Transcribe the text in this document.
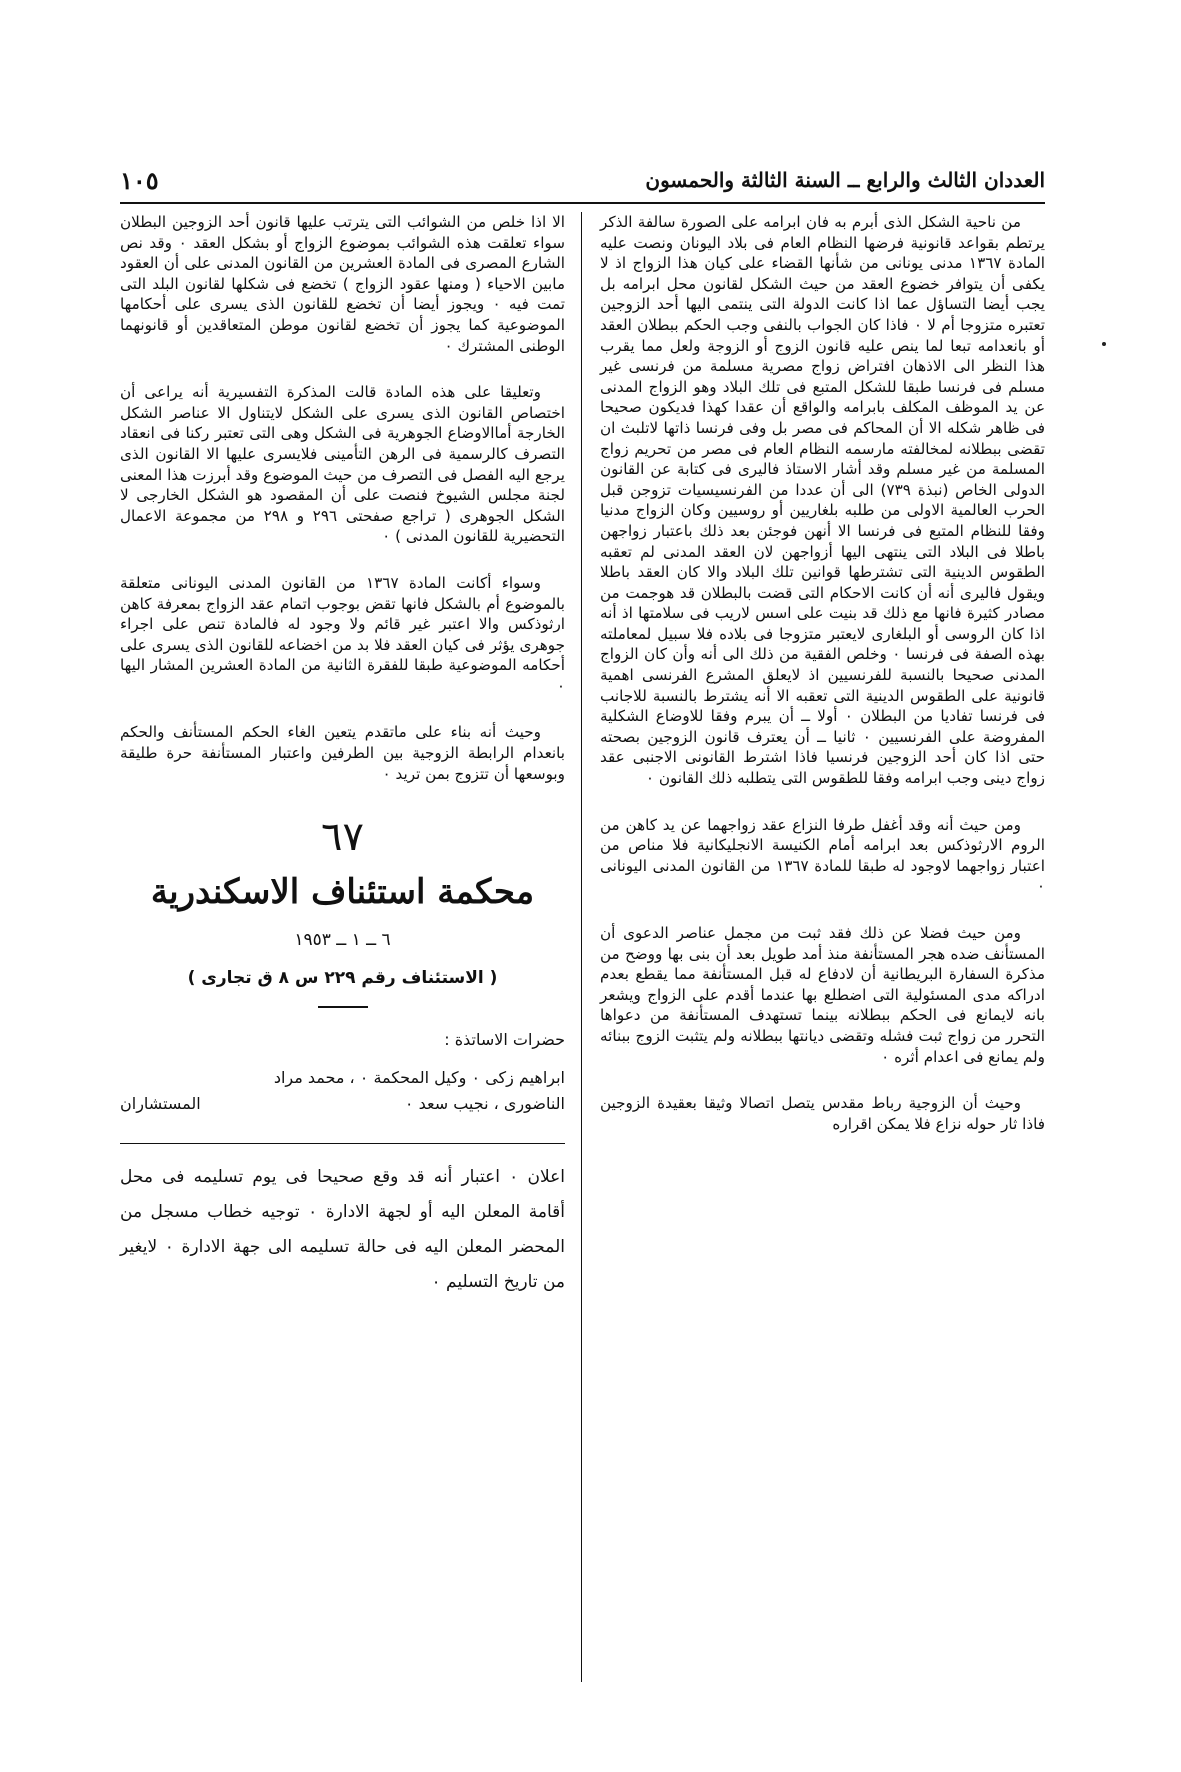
العددان الثالث والرابع ــ السنة الثالثة والحمسون
١٠٥

من ناحية الشكل الذى أبرم به فان ابرامه على الصورة سالفة الذكر يرتطم بقواعد قانونية فرضها النظام العام فى بلاد اليونان ونصت عليه المادة ١٣٦٧ مدنى يونانى من شأنها القضاء على كيان هذا الزواج اذ لا يكفى أن يتوافر خضوع العقد من حيث الشكل لقانون محل ابرامه بل يجب أيضا التساؤل عما اذا كانت الدولة التى ينتمى اليها أحد الزوجين تعتبره متزوجا أم لا ٠ فاذا كان الجواب بالنفى وجب الحكم ببطلان العقد أو بانعدامه تبعا لما ينص عليه قانون الزوج أو الزوجة ولعل مما يقرب هذا النظر الى الاذهان افتراض زواج مصرية مسلمة من فرنسى غير مسلم فى فرنسا طبقا للشكل المتبع فى تلك البلاد وهو الزواج المدنى عن يد الموظف المكلف بابرامه والواقع أن عقدا كهذا فديكون صحيحا فى ظاهر شكله الا أن المحاكم فى مصر بل وفى فرنسا ذاتها لاتلبث ان تقضى ببطلانه لمخالفته مارسمه النظام العام فى مصر من تحريم زواج المسلمة من غير مسلم وقد أشار الاستاذ فاليرى فى كتابة عن القانون الدولى الخاص (نبذة ٧٣٩) الى أن عددا من الفرنسيسيات تزوجن قبل الحرب العالمية الاولى من طلبه بلغاريين أو روسيين وكان الزواج مدنيا وفقا للنظام المتبع فى فرنسا الا أنهن فوجئن بعد ذلك باعتبار زواجهن باطلا فى البلاد التى ينتهى اليها أزواجهن لان العقد المدنى لم تعقبه الطقوس الدينية التى تشترطها قوانين تلك البلاد والا كان العقد باطلا ويقول فاليرى أنه أن كانت الاحكام التى قضت بالبطلان قد هوجمت من مصادر كثيرة فانها مع ذلك قد بنيت على اسس لاريب فى سلامتها اذ أنه اذا كان الروسى أو البلغارى لايعتبر متزوجا فى بلاده فلا سبيل لمعاملته بهذه الصفة فى فرنسا ٠ وخلص الفقية من ذلك الى أنه وأن كان الزواج المدنى صحيحا بالنسبة للفرنسيين اذ لايعلق المشرع الفرنسى اهمية قانونية على الطقوس الدينية التى تعقبه الا أنه يشترط بالنسبة للاجانب فى فرنسا تفاديا من البطلان ٠ أولا ــ أن يبرم وفقا للاوضاع الشكلية المفروضة على الفرنسيين ٠ ثانيا ــ أن يعترف قانون الزوجين بصحته حتى اذا كان أحد الزوجين فرنسيا فاذا اشترط القانونى الاجنبى عقد زواج دينى وجب ابرامه وفقا للطقوس التى يتطلبه ذلك القانون ٠

ومن حيث أنه وقد أغفل طرفا النزاع عقد زواجهما عن يد كاهن من الروم الارثوذكس بعد ابرامه أمام الكنيسة الانجليكانية فلا مناص من اعتبار زواجهما لاوجود له طبقا للمادة ١٣٦٧ من القانون المدنى اليونانى ٠

ومن حيث فضلا عن ذلك فقد ثبت من مجمل عناصر الدعوى أن المستأنف ضده هجر المستأنفة منذ أمد طويل بعد أن بنى بها ووضح من مذكرة السفارة البريطانية أن لادفاع له قبل المستأنفة مما يقطع بعدم ادراكه مدى المسئولية التى اضطلع بها عندما أقدم على الزواج ويشعر بانه لايمانع فى الحكم ببطلانه بينما تستهدف المستأنفة من دعواها التحرر من زواج ثبت فشله وتقضى ديانتها ببطلانه ولم يتثبت الزوج ببنائه ولم يمانع فى اعدام أثره ٠

وحيث أن الزوجية رباط مقدس يتصل اتصالا وثيقا بعقيدة الزوجين فاذا ثار حوله نزاع فلا يمكن اقراره

الا اذا خلص من الشوائب التى يترتب عليها قانون أحد الزوجين البطلان سواء تعلقت هذه الشوائب بموضوع الزواج أو بشكل العقد ٠ وقد نص الشارع المصرى فى المادة العشرين من القانون المدنى على أن العقود مابين الاحياء ( ومنها عقود الزواج ) تخضع فى شكلها لقانون البلد التى تمت فيه ٠ ويجوز أيضا أن تخضع للقانون الذى يسرى على أحكامها الموضوعية كما يجوز أن تخضع لقانون موطن المتعاقدين أو قانونهما الوطنى المشترك ٠

وتعليقا على هذه المادة قالت المذكرة التفسيرية أنه يراعى أن اختصاص القانون الذى يسرى على الشكل لايتناول الا عناصر الشكل الخارجة أماالاوضاع الجوهرية فى الشكل وهى التى تعتبر ركنا فى انعقاد التصرف كالرسمية فى الرهن التأمينى فلايسرى عليها الا القانون الذى يرجع اليه الفصل فى التصرف من حيث الموضوع وقد أبرزت هذا المعنى لجنة مجلس الشيوخ فنصت على أن المقصود هو الشكل الخارجى لا الشكل الجوهرى ( تراجع صفحتى ٢٩٦ و ٢٩٨ من مجموعة الاعمال التحضيرية للقانون المدنى ) ٠

وسواء أكانت المادة ١٣٦٧ من القانون المدنى اليونانى متعلقة بالموضوع أم بالشكل فانها تقض بوجوب اتمام عقد الزواج بمعرفة كاهن ارثوذكس والا اعتبر غير قائم ولا وجود له فالمادة تنص على اجراء جوهرى يؤثر فى كيان العقد فلا بد من اخضاعه للقانون الذى يسرى على أحكامه الموضوعية طبقا للفقرة الثانية من المادة العشرين المشار اليها ٠

وحيث أنه بناء على ماتقدم يتعين الغاء الحكم المستأنف والحكم بانعدام الرابطة الزوجية بين الطرفين واعتبار المستأنفة حرة طليقة وبوسعها أن تتزوج بمن تريد ٠

٦٧
محكمة استئناف الاسكندرية
٦ ــ ١ ــ ١٩٥٣
( الاستئناف رقم ٢٢٩ س ٨ ق تجارى )
حضرات الاساتذة :
ابراهيم زكى ٠ وكيل المحكمة ٠ ، محمد مراد
الناضورى ، نجيب سعد ٠
المستشاران

اعلان ٠ اعتبار أنه قد وقع صحيحا فى يوم تسليمه فى محل أقامة المعلن اليه أو لجهة الادارة ٠ توجيه خطاب مسجل من المحضر المعلن اليه فى حالة تسليمه الى جهة الادارة ٠ لايغير من تاريخ التسليم ٠
